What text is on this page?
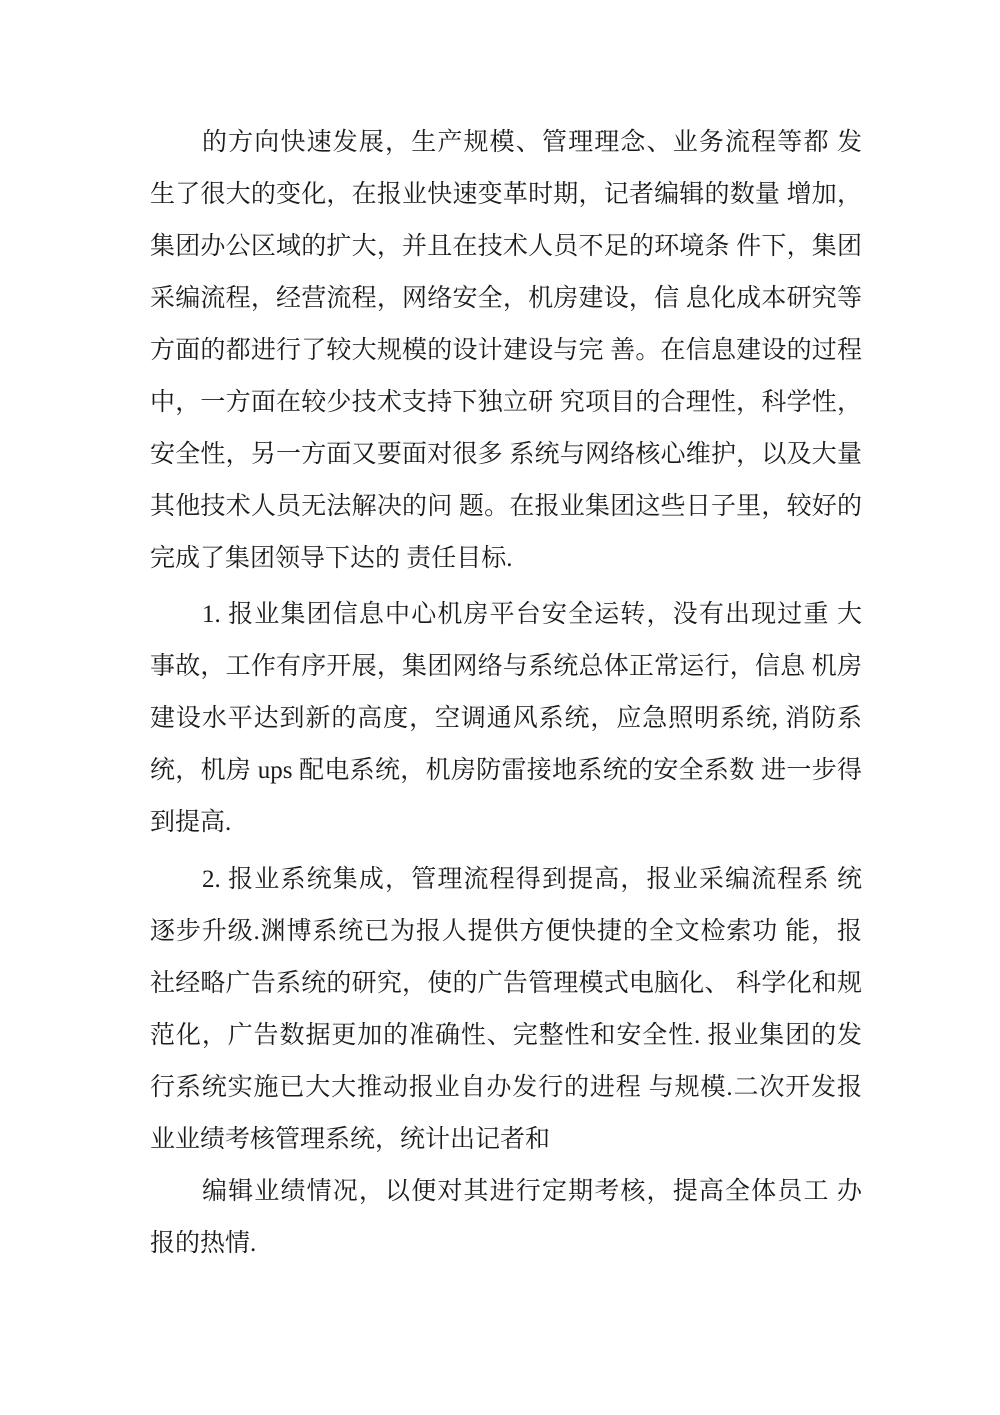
的方向快速发展，生产规模、管理理念、业务流程等都 发
生了很大的变化，在报业快速变革时期，记者编辑的数量 增加，
集团办公区域的扩大，并且在技术人员不足的环境条 件下，集团
采编流程，经营流程，网络安全，机房建设，信 息化成本研究等
方面的都进行了较大规模的设计建设与完 善。在信息建设的过程
中，一方面在较少技术支持下独立研 究项目的合理性，科学性，
安全性，另一方面又要面对很多 系统与网络核心维护，以及大量
其他技术人员无法解决的问 题。在报业集团这些日子里，较好的
完成了集团领导下达的 责任目标.
1. 报业集团信息中心机房平台安全运转，没有出现过重 大
事故，工作有序开展，集团网络与系统总体正常运行，信息 机房
建设水平达到新的高度，空调通风系统，应急照明系统, 消防系
统，机房 ups 配电系统，机房防雷接地系统的安全系数 进一步得
到提高.
2. 报业系统集成，管理流程得到提高，报业采编流程系 统
逐步升级.渊博系统已为报人提供方便快捷的全文检索功 能，报
社经略广告系统的研究，使的广告管理模式电脑化、 科学化和规
范化，广告数据更加的准确性、完整性和安全性. 报业集团的发
行系统实施已大大推动报业自办发行的进程 与规模.二次开发报
业业绩考核管理系统，统计出记者和
编辑业绩情况，以便对其进行定期考核，提高全体员工 办
报的热情.
